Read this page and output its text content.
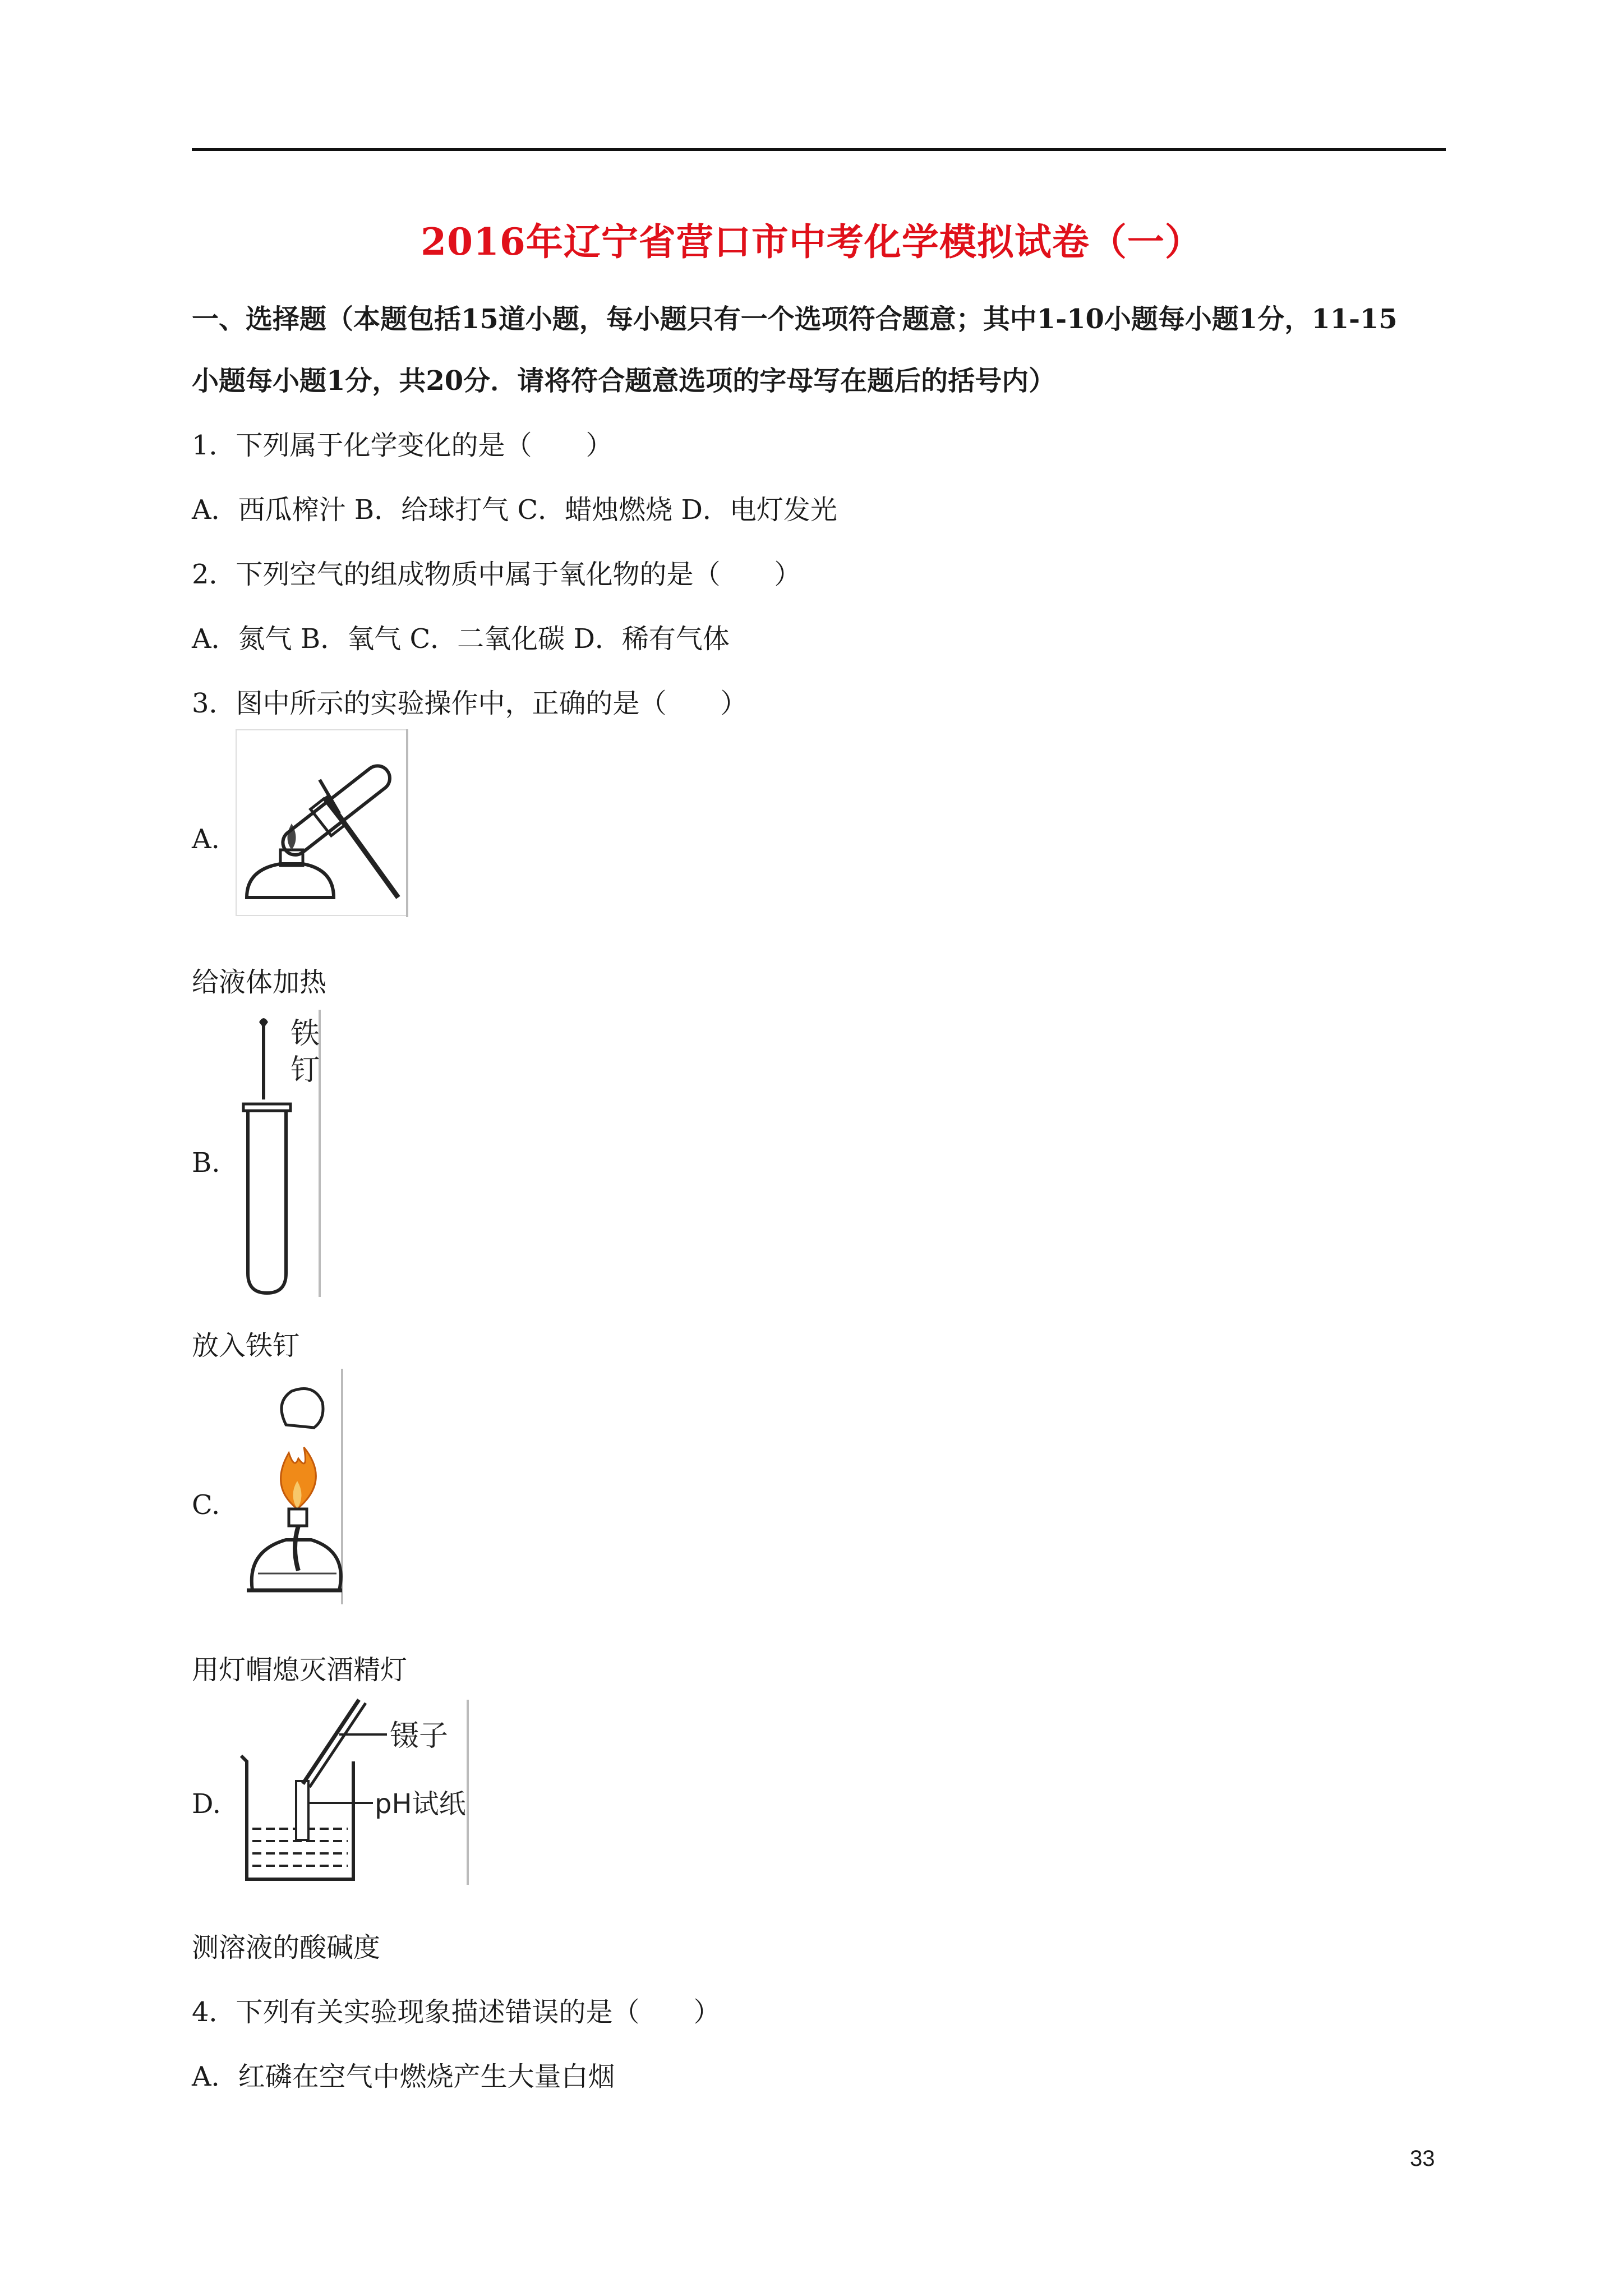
2016年辽宁省营口市中考化学模拟试卷（一）
一、选择题（本题包括15道小题，每小题只有一个选项符合题意；其中1-10小题每小题1分，11-15
小题每小题1分，共20分．请将符合题意选项的字母写在题后的括号内）
1．下列属于化学变化的是（　　）
A．西瓜榨汁 B．给球打气 C．蜡烛燃烧 D．电灯发光
2．下列空气的组成物质中属于氧化物的是（　　）
A．氮气 B．氧气 C．二氧化碳 D．稀有气体
3．图中所示的实验操作中，正确的是（　　）
A.
给液体加热
B.
铁
钉
放入铁钉
C.
用灯帽熄灭酒精灯
D.
镊子
pH试纸
测溶液的酸碱度
4．下列有关实验现象描述错误的是（　　）
A．红磷在空气中燃烧产生大量白烟
33
